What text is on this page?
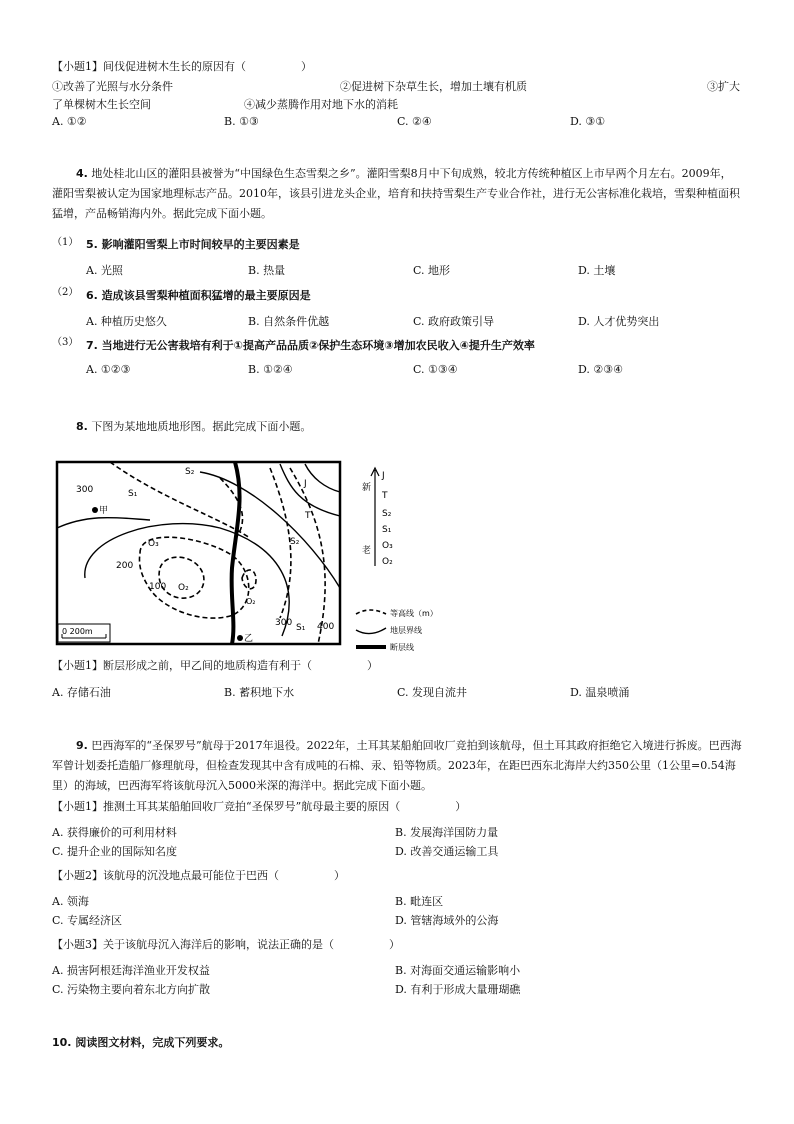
【小题1】间伐促进树木生长的原因有（　　　　　）
①改善了光照与水分条件	②促进树下杂草生长，增加土壤有机质	③扩大
了单棵树木生长空间	④减少蒸腾作用对地下水的消耗
A. ①②	B. ①③	C. ②④	D. ③①
4. 地处桂北山区的灌阳县被誉为“中国绿色生态雪梨之乡”。灌阳雪梨8月中下旬成熟，较北方传统种植区上市早两个月左右。2009年，灌阳雪梨被认定为国家地理标志产品。2010年，该县引进龙头企业，培育和扶持雪梨生产专业合作社，进行无公害标准化栽培，雪梨种植面积猛增，产品畅销海内外。据此完成下面小题。
（1） 5. 影响灌阳雪梨上市时间较早的主要因素是
A. 光照	B. 热量	C. 地形	D. 土壤
（2） 6. 造成该县雪梨种植面积猛增的最主要原因是
A. 种植历史悠久	B. 自然条件优越	C. 政府政策引导	D. 人才优势突出
（3） 7. 当地进行无公害栽培有利于①提高产品品质②保护生态环境③增加农民收入④提升生产效率
A. ①②③	B. ①②④	C. ①③④	D. ②③④
8. 下图为某地地质地形图。据此完成下面小题。
300
200
100
300	400
S₁
S₂
O₂
O₃
J
T
S₂
S₁
O₂
甲
乙
0 200m
新
老
J
T
S₂
S₁
O₃
O₂
等高线（m）
地层界线
断层线
【小题1】断层形成之前，甲乙间的地质构造有利于（　　　　　）
A. 存储石油	B. 蓄积地下水	C. 发现自流井	D. 温泉喷涌
9. 巴西海军的“圣保罗号”航母于2017年退役。2022年，土耳其某船舶回收厂竞拍到该航母，但土耳其政府拒绝它入境进行拆废。巴西海军曾计划委托造船厂修理航母，但检查发现其中含有成吨的石棉、汞、铅等物质。2023年，在距巴西东北海岸大约350公里（1公里=0.54海里）的海域，巴西海军将该航母沉入5000米深的海洋中。据此完成下面小题。
【小题1】推测土耳其某船舶回收厂竞拍“圣保罗号”航母最主要的原因（　　　　　）
A. 获得廉价的可利用材料	B. 发展海洋国防力量
C. 提升企业的国际知名度	D. 改善交通运输工具
【小题2】该航母的沉没地点最可能位于巴西（　　　　　）
A. 领海	B. 毗连区
C. 专属经济区	D. 管辖海域外的公海
【小题3】关于该航母沉入海洋后的影响，说法正确的是（　　　　　）
A. 损害阿根廷海洋渔业开发权益	B. 对海面交通运输影响小
C. 污染物主要向着东北方向扩散	D. 有利于形成大量珊瑚礁
10. 阅读图文材料，完成下列要求。
